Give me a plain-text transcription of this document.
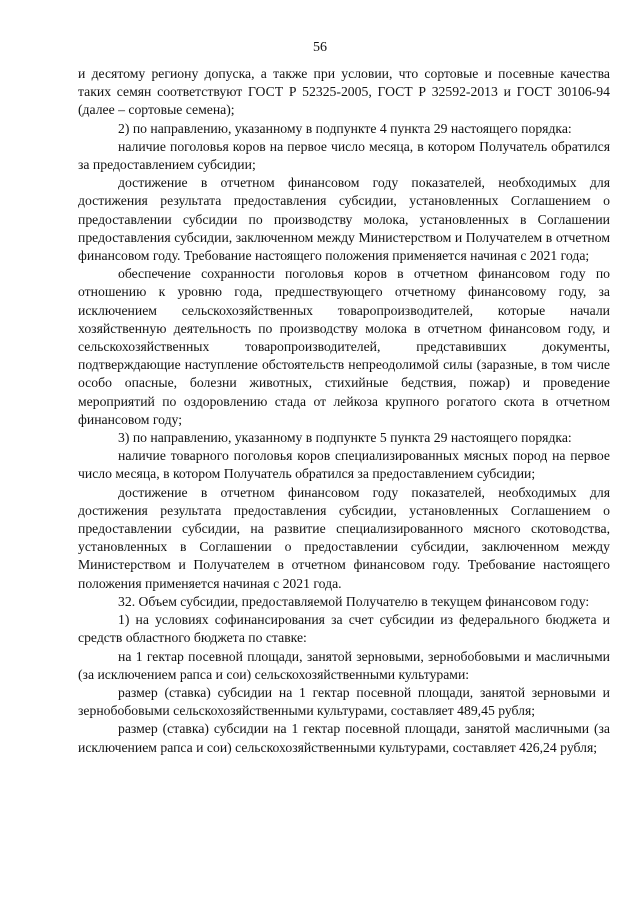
56

и десятому региону допуска, а также при условии, что сортовые и посевные качества таких семян соответствуют ГОСТ Р 52325-2005, ГОСТ Р 32592-2013 и ГОСТ 30106-94 (далее – сортовые семена);

2) по направлению, указанному в подпункте 4 пункта 29 настоящего порядка:

наличие поголовья коров на первое число месяца, в котором Получатель обратился за предоставлением субсидии;

достижение в отчетном финансовом году показателей, необходимых для достижения результата предоставления субсидии, установленных Соглашением о предоставлении субсидии по производству молока, установленных в Соглашении предоставления субсидии, заключенном между Министерством и Получателем в отчетном финансовом году. Требование настоящего положения применяется начиная с 2021 года;

обеспечение сохранности поголовья коров в отчетном финансовом году по отношению к уровню года, предшествующего отчетному финансовому году, за исключением сельскохозяйственных товаропроизводителей, которые начали хозяйственную деятельность по производству молока в отчетном финансовом году, и сельскохозяйственных товаропроизводителей, представивших документы, подтверждающие наступление обстоятельств непреодолимой силы (заразные, в том числе особо опасные, болезни животных, стихийные бедствия, пожар) и проведение мероприятий по оздоровлению стада от лейкоза крупного рогатого скота в отчетном финансовом году;

3) по направлению, указанному в подпункте 5 пункта 29 настоящего порядка:

наличие товарного поголовья коров специализированных мясных пород на первое число месяца, в котором Получатель обратился за предоставлением субсидии;

достижение в отчетном финансовом году показателей, необходимых для достижения результата предоставления субсидии, установленных Соглашением о предоставлении субсидии, на развитие специализированного мясного скотоводства, установленных в Соглашении о предоставлении субсидии, заключенном между Министерством и Получателем в отчетном финансовом году. Требование настоящего положения применяется начиная с 2021 года.

32. Объем субсидии, предоставляемой Получателю в текущем финансовом году:

1) на условиях софинансирования за счет субсидии из федерального бюджета и средств областного бюджета по ставке:

на 1 гектар посевной площади, занятой зерновыми, зернобобовыми и масличными (за исключением рапса и сои) сельскохозяйственными культурами:

размер (ставка) субсидии на 1 гектар посевной площади, занятой зерновыми и зернобобовыми сельскохозяйственными культурами, составляет 489,45 рубля;

размер (ставка) субсидии на 1 гектар посевной площади, занятой масличными (за исключением рапса и сои) сельскохозяйственными культурами, составляет 426,24 рубля;
